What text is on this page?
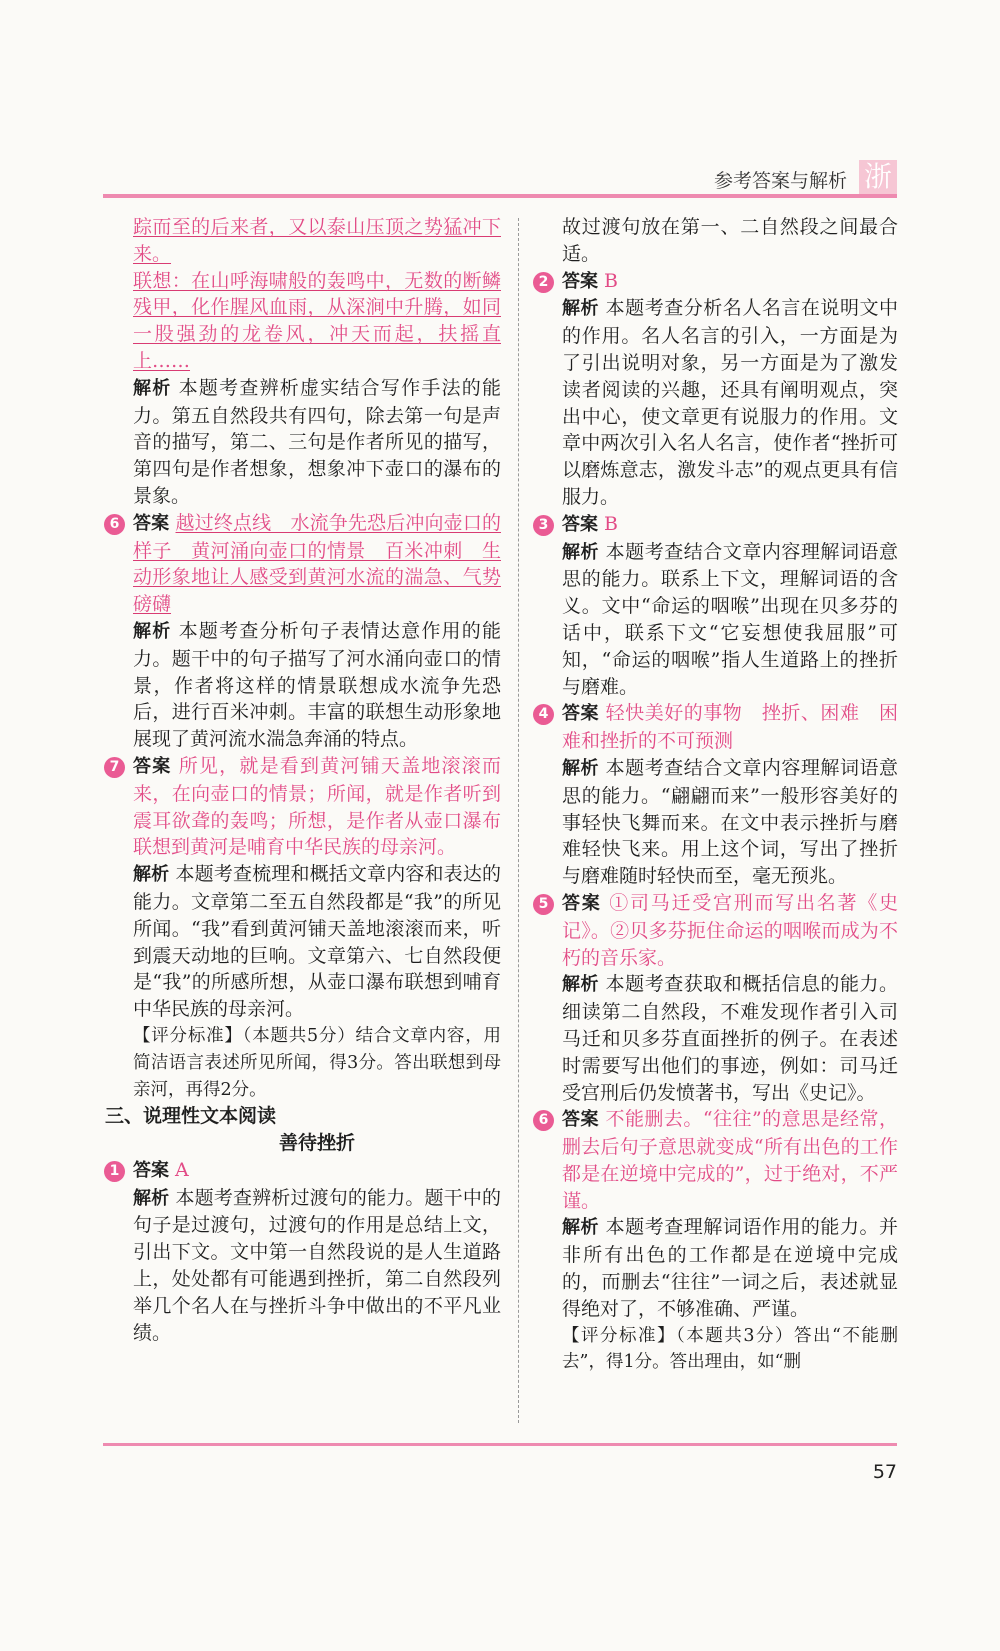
参考答案与解析 浙

踪而至的后来者，又以泰山压顶之势猛冲下来。

联想：在山呼海啸般的轰鸣中，无数的断鳞残甲，化作腥风血雨，从深涧中升腾，如同一股强劲的龙卷风，冲天而起，扶摇直上……

解析 本题考查辨析虚实结合写作手法的能力。第五自然段共有四句，除去第一句是声音的描写，第二、三句是作者所见的描写，第四句是作者想象，想象冲下壶口的瀑布的景象。

6 答案 越过终点线　水流争先恐后冲向壶口的样子　黄河涌向壶口的情景　百米冲刺　生动形象地让人感受到黄河水流的湍急、气势磅礴

解析 本题考查分析句子表情达意作用的能力。题干中的句子描写了河水涌向壶口的情景，作者将这样的情景联想成水流争先恐后，进行百米冲刺。丰富的联想生动形象地展现了黄河流水湍急奔涌的特点。

7 答案 所见，就是看到黄河铺天盖地滚滚而来，在向壶口的情景；所闻，就是作者听到震耳欲聋的轰鸣；所想，是作者从壶口瀑布联想到黄河是哺育中华民族的母亲河。

解析 本题考查梳理和概括文章内容和表达的能力。文章第二至五自然段都是“我”的所见所闻。“我”看到黄河铺天盖地滚滚而来，听到震天动地的巨响。文章第六、七自然段便是“我”的所感所想，从壶口瀑布联想到哺育中华民族的母亲河。

【评分标准】（本题共5分）结合文章内容，用简洁语言表述所见所闻，得3分。答出联想到母亲河，再得2分。

三、说理性文本阅读

善待挫折

1 答案 A

解析 本题考查辨析过渡句的能力。题干中的句子是过渡句，过渡句的作用是总结上文，引出下文。文中第一自然段说的是人生道路上，处处都有可能遇到挫折，第二自然段列举几个名人在与挫折斗争中做出的不平凡业绩。

故过渡句放在第一、二自然段之间最合适。

2 答案 B

解析 本题考查分析名人名言在说明文中的作用。名人名言的引入，一方面是为了引出说明对象，另一方面是为了激发读者阅读的兴趣，还具有阐明观点，突出中心，使文章更有说服力的作用。文章中两次引入名人名言，使作者“挫折可以磨炼意志，激发斗志”的观点更具有信服力。

3 答案 B

解析 本题考查结合文章内容理解词语意思的能力。联系上下文，理解词语的含义。文中“命运的咽喉”出现在贝多芬的话中，联系下文“它妄想使我屈服”可知，“命运的咽喉”指人生道路上的挫折与磨难。

4 答案 轻快美好的事物　挫折、困难　困难和挫折的不可预测

解析 本题考查结合文章内容理解词语意思的能力。“翩翩而来”一般形容美好的事轻快飞舞而来。在文中表示挫折与磨难轻快飞来。用上这个词，写出了挫折与磨难随时轻快而至，毫无预兆。

5 答案 ①司马迁受宫刑而写出名著《史记》。②贝多芬扼住命运的咽喉而成为不朽的音乐家。

解析 本题考查获取和概括信息的能力。细读第二自然段，不难发现作者引入司马迁和贝多芬直面挫折的例子。在表述时需要写出他们的事迹，例如：司马迁受宫刑后仍发愤著书，写出《史记》。

6 答案 不能删去。“往往”的意思是经常，删去后句子意思就变成“所有出色的工作都是在逆境中完成的”，过于绝对，不严谨。

解析 本题考查理解词语作用的能力。并非所有出色的工作都是在逆境中完成的，而删去“往往”一词之后，表述就显得绝对了，不够准确、严谨。

【评分标准】（本题共3分）答出“不能删去”，得1分。答出理由，如“删

57
